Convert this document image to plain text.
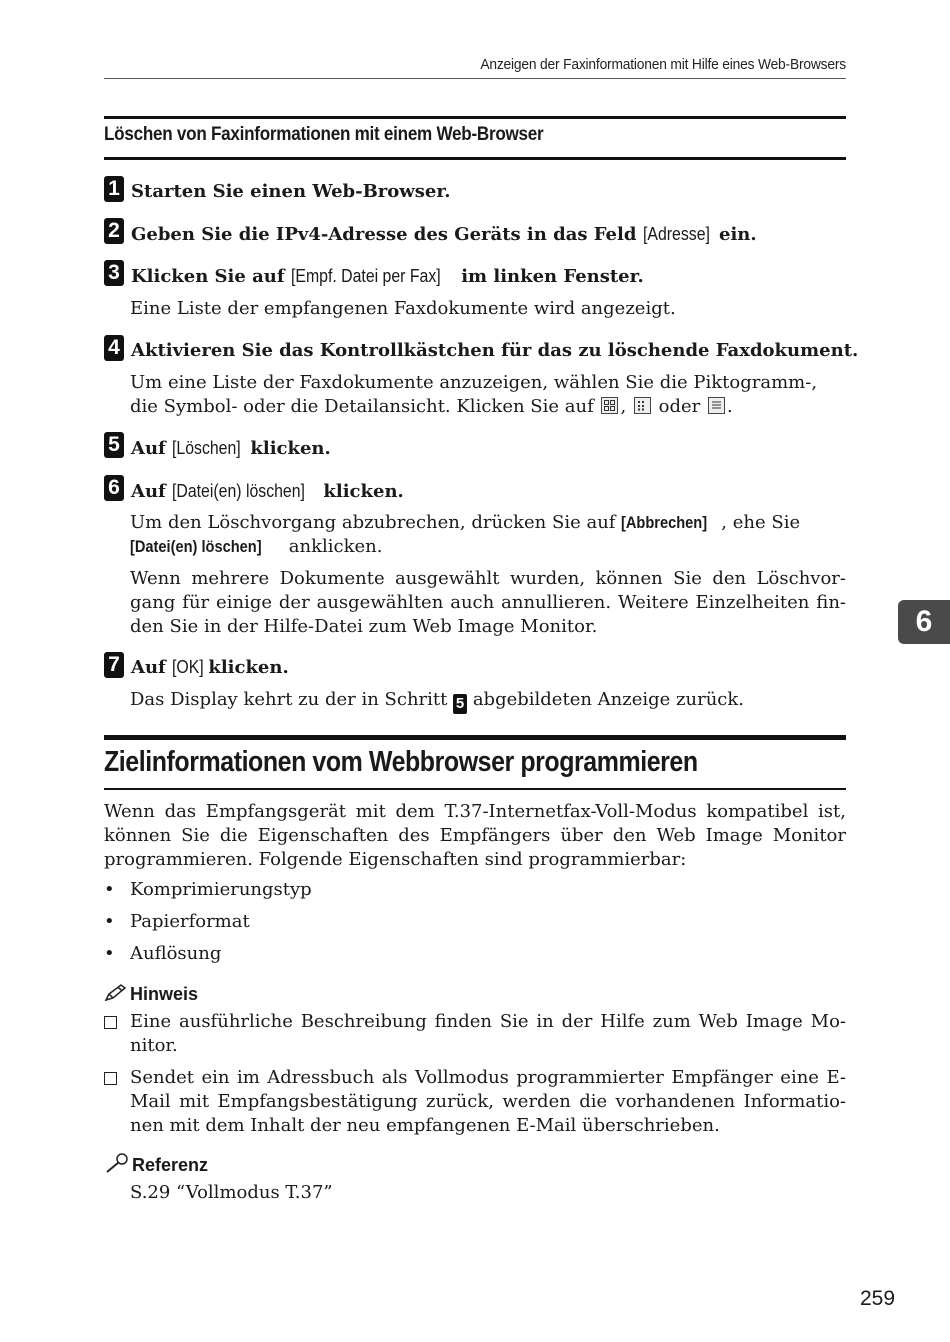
Anzeigen der Faxinformationen mit Hilfe eines Web-Browsers
Löschen von Faxinformationen mit einem Web-Browser
1 Starten Sie einen Web-Browser.
2 Geben Sie die IPv4-Adresse des Geräts in das Feld [Adresse] ein.
3 Klicken Sie auf [Empf. Datei per Fax] im linken Fenster.
Eine Liste der empfangenen Faxdokumente wird angezeigt.
4 Aktivieren Sie das Kontrollkästchen für das zu löschende Faxdokument.
Um eine Liste der Faxdokumente anzuzeigen, wählen Sie die Piktogramm-,
die Symbol- oder die Detailansicht. Klicken Sie auf
,
oder
.
5 Auf [Löschen] klicken.
6 Auf [Datei(en) löschen] klicken.
Um den Löschvorgang abzubrechen, drücken Sie auf [Abbrechen] , ehe Sie
[Datei(en) löschen] anklicken.
Wenn mehrere Dokumente ausgewählt wurden, können Sie den Löschvor-gang für einige der ausgewählten auch annullieren. Weitere Einzelheiten fin-den Sie in der Hilfe-Datei zum Web Image Monitor.	6
7 Auf [OK] klicken.
Das Display kehrt zu der in Schritt 5 abgebildeten Anzeige zurück.
Zielinformationen vom Webbrowser programmieren
Wenn das Empfangsgerät mit dem T.37-Internetfax-Voll-Modus kompatibel ist, können Sie die Eigenschaften des Empfängers über den Web Image Monitor programmieren. Folgende Eigenschaften sind programmierbar:
• Komprimierungstyp
• Papierformat
• Auflösung
Hinweis
Eine ausführliche Beschreibung finden Sie in der Hilfe zum Web Image Mo-nitor.
Sendet ein im Adressbuch als Vollmodus programmierter Empfänger eine E-Mail mit Empfangsbestätigung zurück, werden die vorhandenen Informatio-nen mit dem Inhalt der neu empfangenen E-Mail überschrieben.
Referenz
S.29 “Vollmodus T.37”
259
